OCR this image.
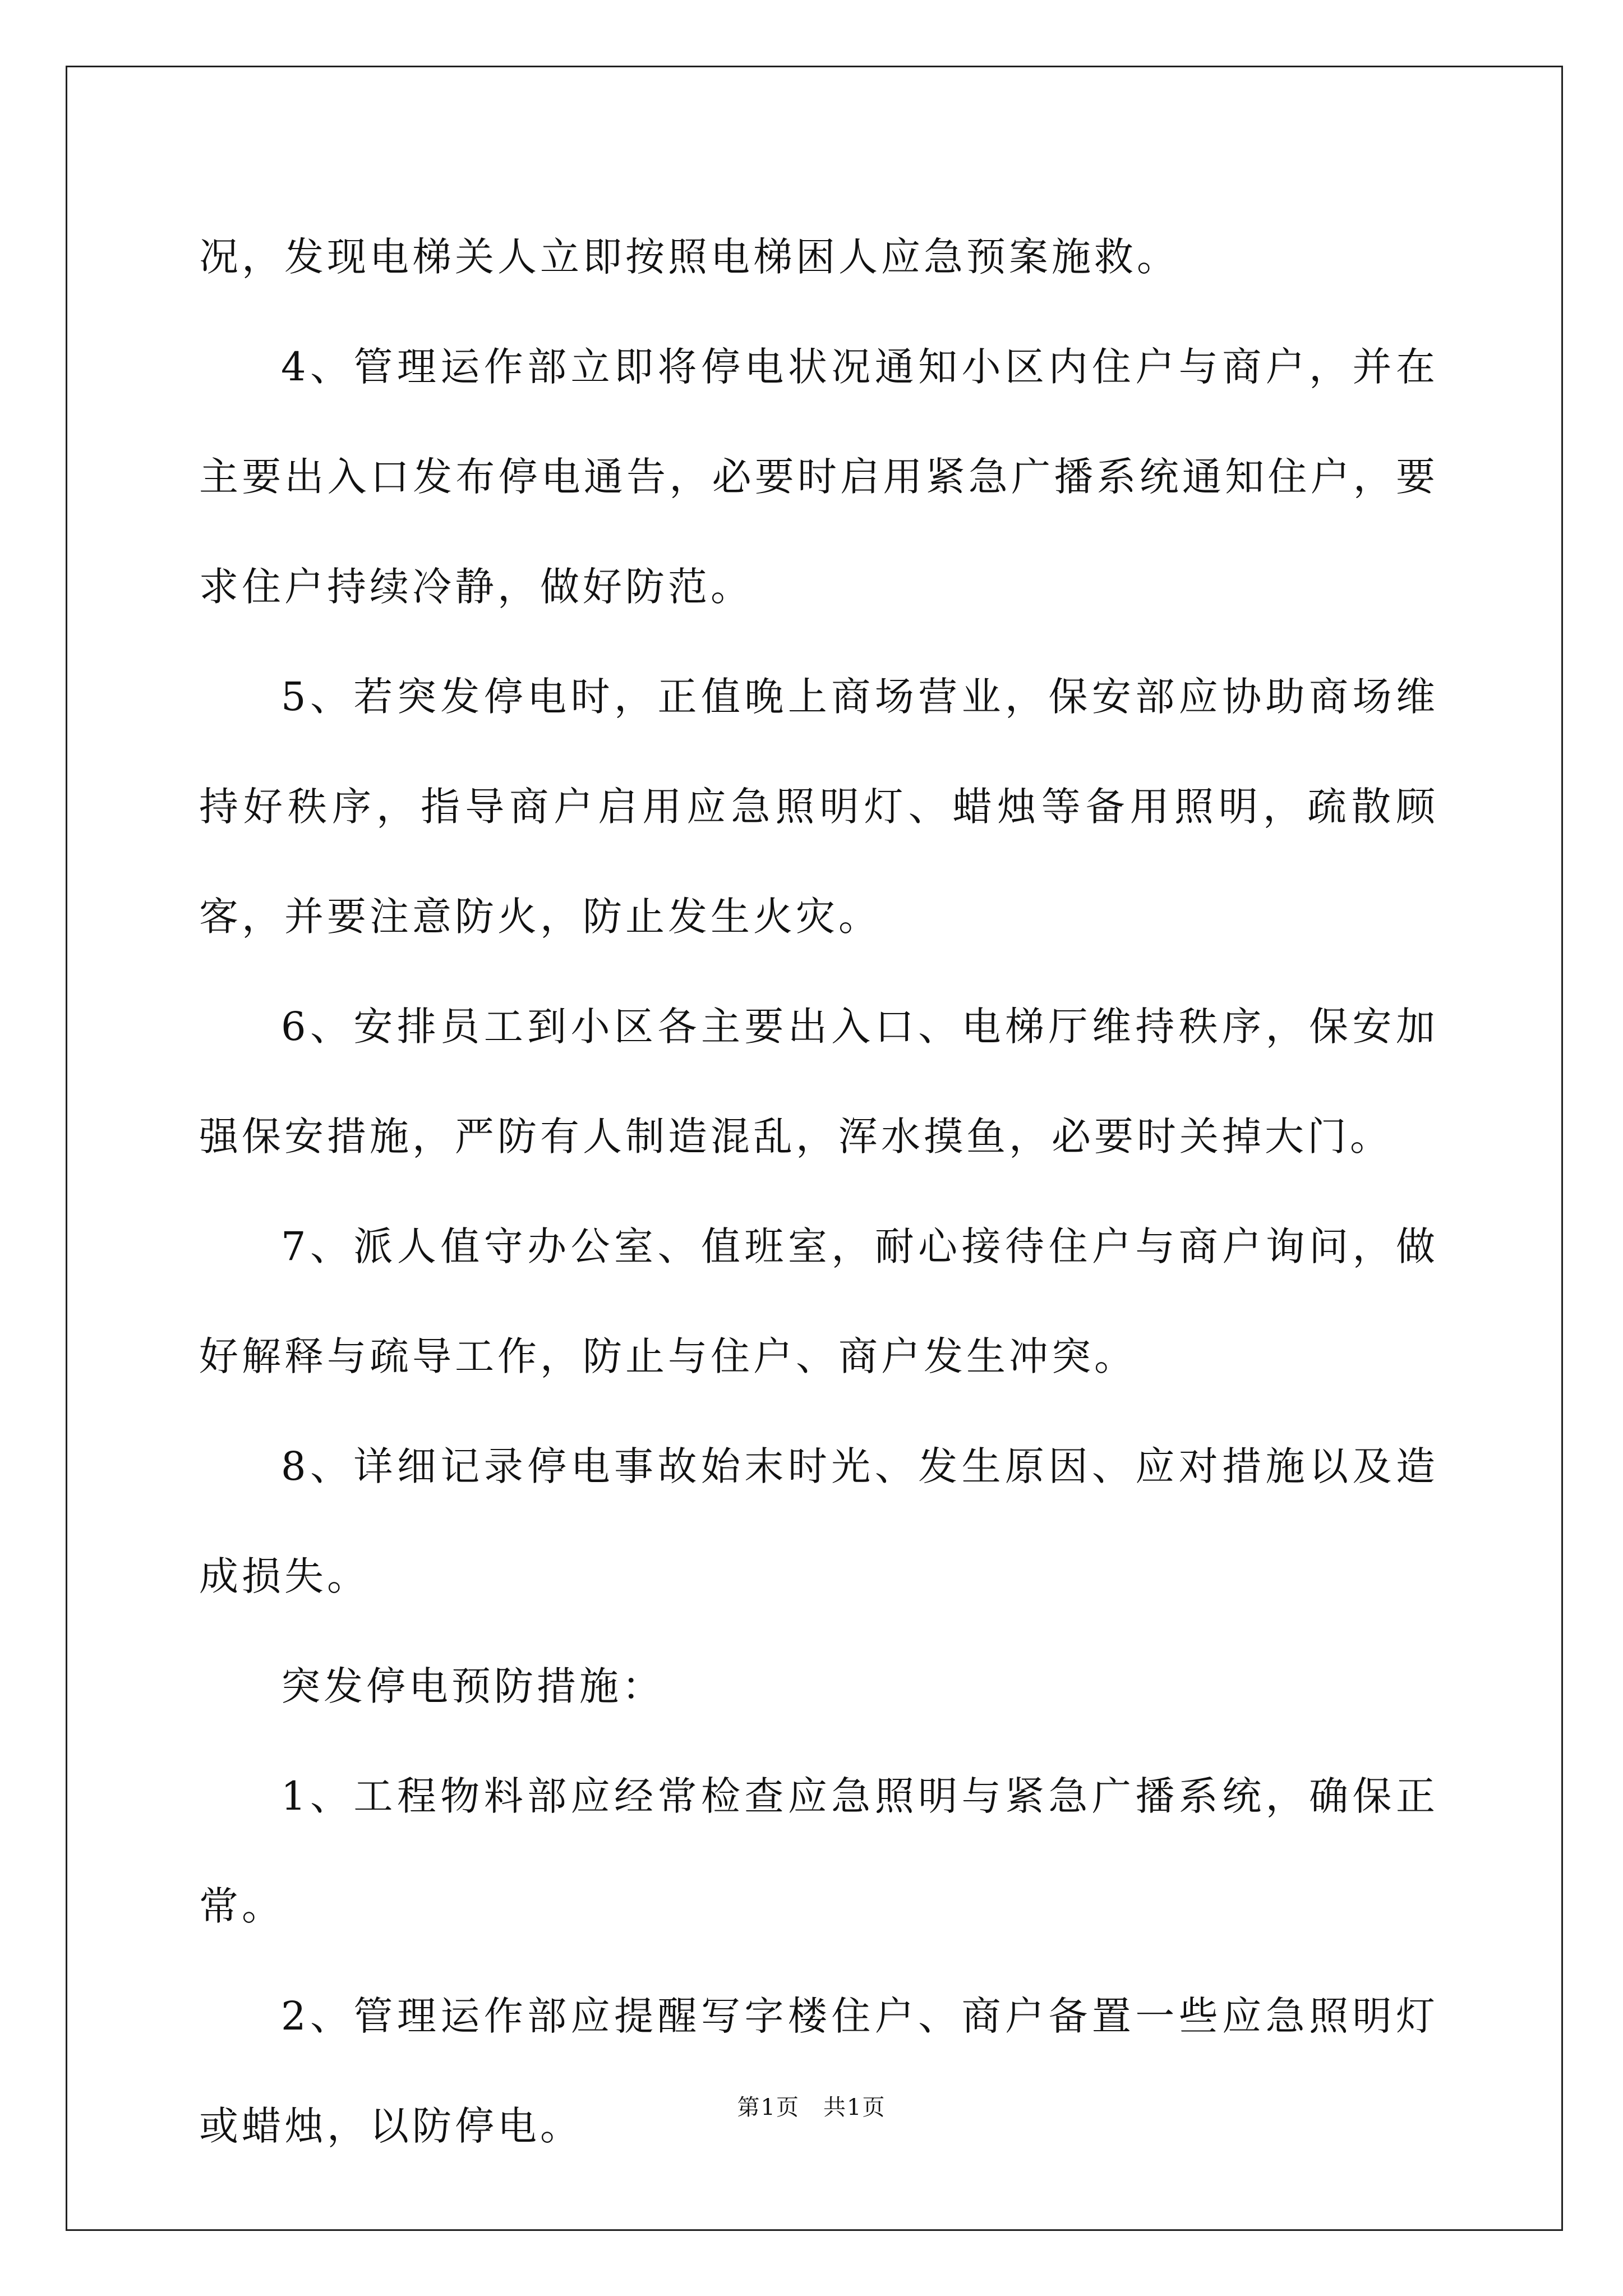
况，发现电梯关人立即按照电梯困人应急预案施救。

4、管理运作部立即将停电状况通知小区内住户与商户，并在主要出入口发布停电通告，必要时启用紧急广播系统通知住户，要求住户持续冷静，做好防范。

5、若突发停电时，正值晚上商场营业，保安部应协助商场维持好秩序，指导商户启用应急照明灯、蜡烛等备用照明，疏散顾客，并要注意防火，防止发生火灾。

6、安排员工到小区各主要出入口、电梯厅维持秩序，保安加强保安措施，严防有人制造混乱，浑水摸鱼，必要时关掉大门。

7、派人值守办公室、值班室，耐心接待住户与商户询问，做好解释与疏导工作，防止与住户、商户发生冲突。

8、详细记录停电事故始末时光、发生原因、应对措施以及造成损失。

突发停电预防措施：

1、工程物料部应经常检查应急照明与紧急广播系统，确保正常。

2、管理运作部应提醒写字楼住户、商户备置一些应急照明灯或蜡烛，以防停电。	第1页　共1页
